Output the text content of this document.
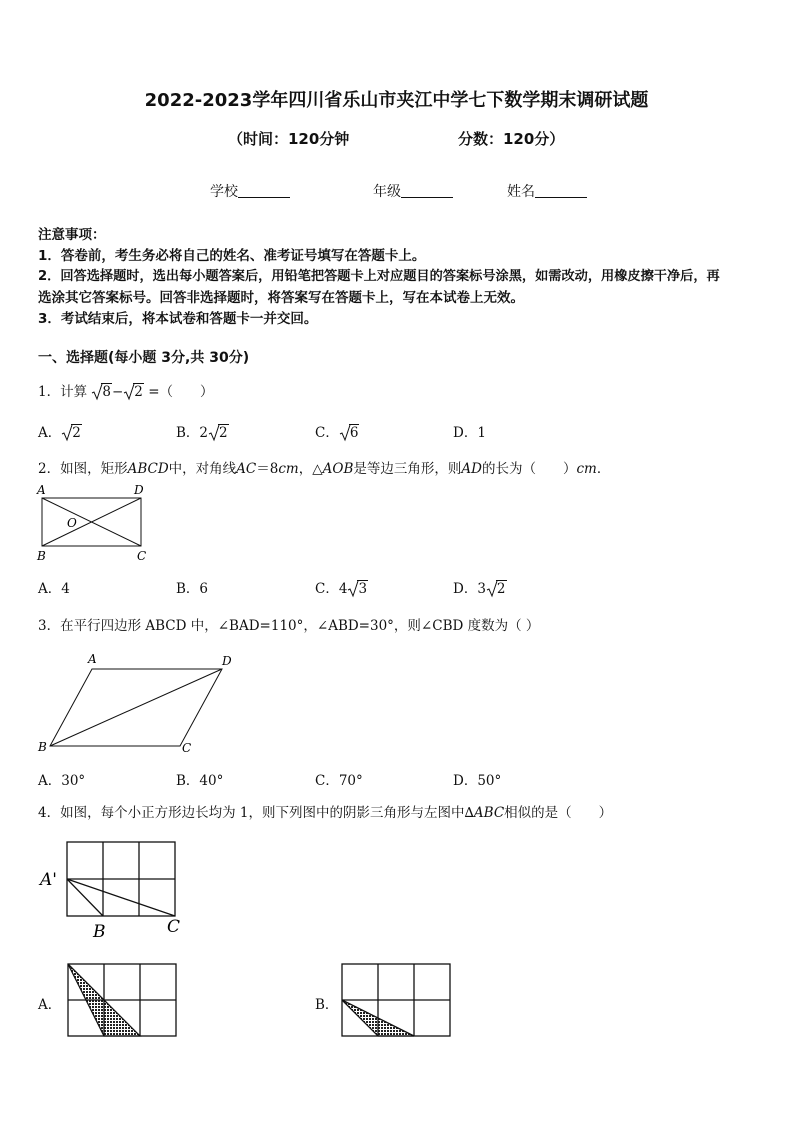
2022-2023学年四川省乐山市夹江中学七下数学期末调研试题
（时间：120分钟	分数：120分）
学校	年级	姓名
注意事项：
1．答卷前，考生务必将自己的姓名、准考证号填写在答题卡上。
2．回答选择题时，选出每小题答案后，用铅笔把答题卡上对应题目的答案标号涂黑，如需改动，用橡皮擦干净后，再
选涂其它答案标号。回答非选择题时，将答案写在答题卡上，写在本试卷上无效。
3．考试结束后，将本试卷和答题卡一并交回。
一、选择题(每小题 3分,共 30分)
1．计算 8− 2 =（　　）
A． 2	B．2 2	C． 6	D．1
2．如图，矩形ABCD中，对角线AC＝8cm，△AOB是等边三角形，则AD的长为（　　）cm．
A	D
O
B	C
A．4	B．6	C．4 3	D．3 2
3．在平行四边形 ABCD 中，∠BAD=110°，∠ABD=30°，则∠CBD 度数为（ ）
A	D
B	C
A．30°	B．40°	C．70°	D．50°
4．如图，每个小正方形边长均为 1，则下列图中的阴影三角形与左图中∆ABC相似的是（　　）
A'
B	C
A．	B．
